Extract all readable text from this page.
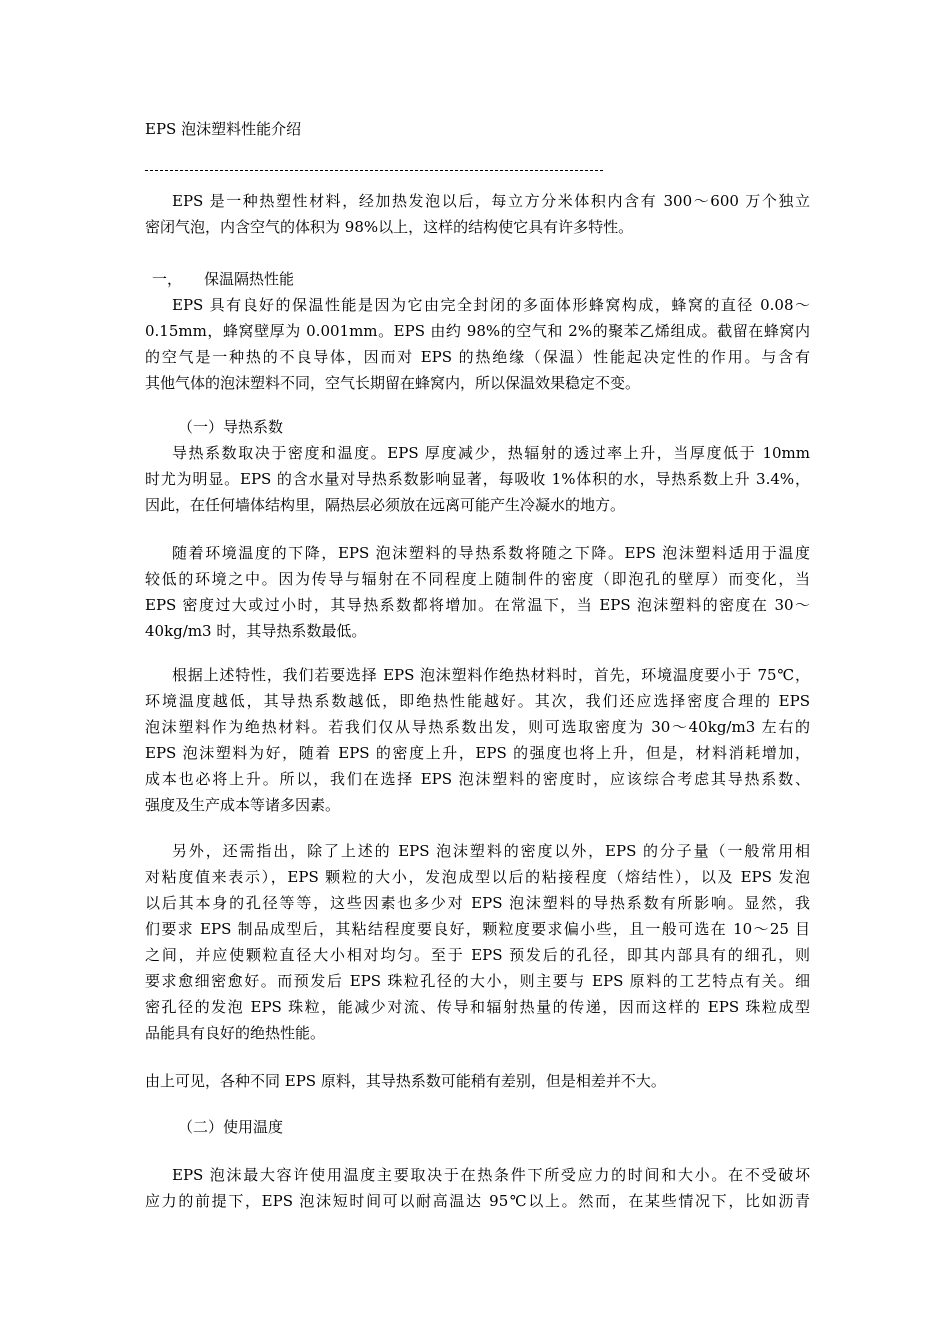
EPS 泡沫塑料性能介绍
EPS 是一种热塑性材料，经加热发泡以后，每立方分米体积内含有 300～600 万个独立
密闭气泡，内含空气的体积为 98%以上，这样的结构使它具有许多特性。
一，	保温隔热性能
EPS 具有良好的保温性能是因为它由完全封闭的多面体形蜂窝构成，蜂窝的直径 0.08～
0.15mm，蜂窝壁厚为 0.001mm。EPS 由约 98%的空气和 2%的聚苯乙烯组成。截留在蜂窝内
的空气是一种热的不良导体，因而对 EPS 的热绝缘（保温）性能起决定性的作用。与含有
其他气体的泡沫塑料不同，空气长期留在蜂窝内，所以保温效果稳定不变。
（一）导热系数
导热系数取决于密度和温度。EPS 厚度减少，热辐射的透过率上升，当厚度低于 10mm
时尤为明显。EPS 的含水量对导热系数影响显著，每吸收 1%体积的水，导热系数上升 3.4%，
因此，在任何墙体结构里，隔热层必须放在远离可能产生冷凝水的地方。
随着环境温度的下降，EPS 泡沫塑料的导热系数将随之下降。EPS 泡沫塑料适用于温度
较低的环境之中。因为传导与辐射在不同程度上随制件的密度（即泡孔的壁厚）而变化，当
EPS 密度过大或过小时，其导热系数都将增加。在常温下，当 EPS 泡沫塑料的密度在 30～
40kg/m3 时，其导热系数最低。
根据上述特性，我们若要选择 EPS 泡沫塑料作绝热材料时，首先，环境温度要小于 75℃，
环境温度越低，其导热系数越低，即绝热性能越好。其次，我们还应选择密度合理的 EPS
泡沫塑料作为绝热材料。若我们仅从导热系数出发，则可选取密度为 30～40kg/m3 左右的
EPS 泡沫塑料为好，随着 EPS 的密度上升，EPS 的强度也将上升，但是，材料消耗增加，
成本也必将上升。所以，我们在选择 EPS 泡沫塑料的密度时，应该综合考虑其导热系数、
强度及生产成本等诸多因素。
另外，还需指出，除了上述的 EPS 泡沫塑料的密度以外，EPS 的分子量（一般常用相
对粘度值来表示），EPS 颗粒的大小，发泡成型以后的粘接程度（熔结性），以及 EPS 发泡
以后其本身的孔径等等，这些因素也多少对 EPS 泡沫塑料的导热系数有所影响。显然，我
们要求 EPS 制品成型后，其粘结程度要良好，颗粒度要求偏小些，且一般可选在 10～25 目
之间，并应使颗粒直径大小相对均匀。至于 EPS 预发后的孔径，即其内部具有的细孔，则
要求愈细密愈好。而预发后 EPS 珠粒孔径的大小，则主要与 EPS 原料的工艺特点有关。细
密孔径的发泡 EPS 珠粒，能减少对流、传导和辐射热量的传递，因而这样的 EPS 珠粒成型
品能具有良好的绝热性能。
由上可见，各种不同 EPS 原料，其导热系数可能稍有差别，但是相差并不大。
（二）使用温度
EPS 泡沫最大容许使用温度主要取决于在热条件下所受应力的时间和大小。在不受破坏
应力的前提下，EPS 泡沫短时间可以耐高温达 95℃以上。然而，在某些情况下，比如沥青
